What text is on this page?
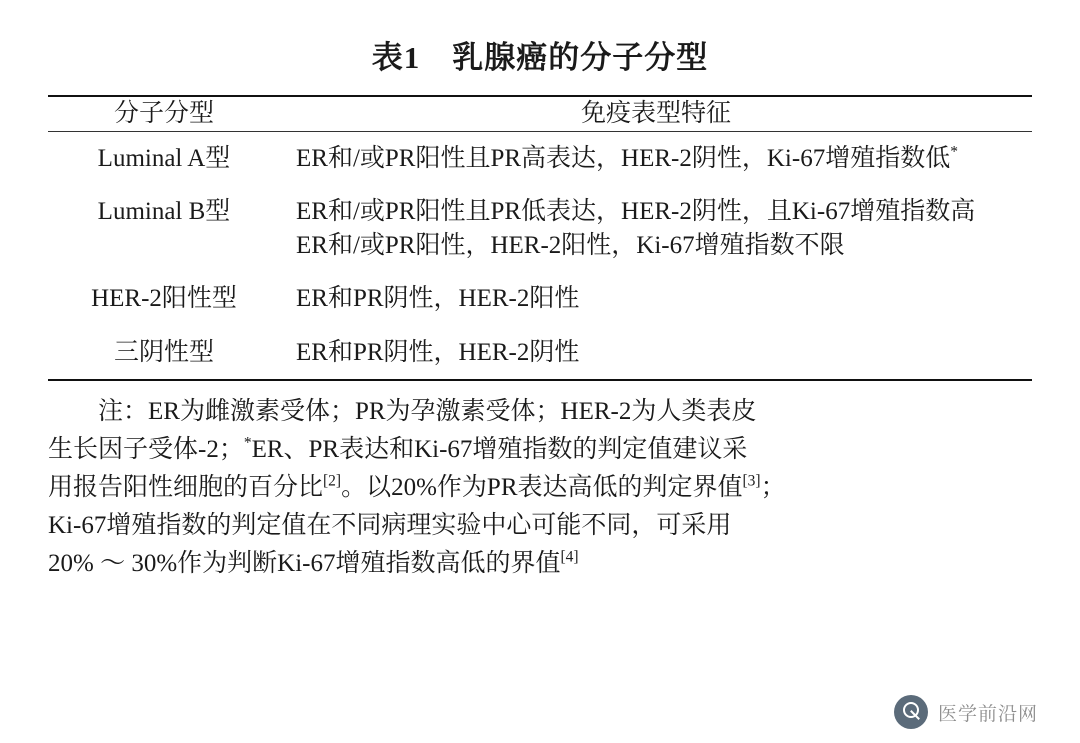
表1　乳腺癌的分子分型
分子分型	免疫表型特征
Luminal A型	ER和/或PR阳性且PR高表达，HER-2阴性，Ki-67增殖指数低*

Luminal B型	ER和/或PR阳性且PR低表达，HER-2阴性，且Ki-67增殖指数高
ER和/或PR阳性，HER-2阳性，Ki-67增殖指数不限

HER-2阳性型	ER和PR阴性，HER-2阳性

三阴性型	ER和PR阴性，HER-2阴性

注：ER为雌激素受体；PR为孕激素受体；HER-2为人类表皮

生长因子受体-2；*ER、PR表达和Ki-67增殖指数的判定值建议采

用报告阳性细胞的百分比[2]。以20%作为PR表达高低的判定界值[3]；

Ki-67增殖指数的判定值在不同病理实验中心可能不同，可采用

20% ～ 30%作为判断Ki-67增殖指数高低的界值[4]

医学前沿网
